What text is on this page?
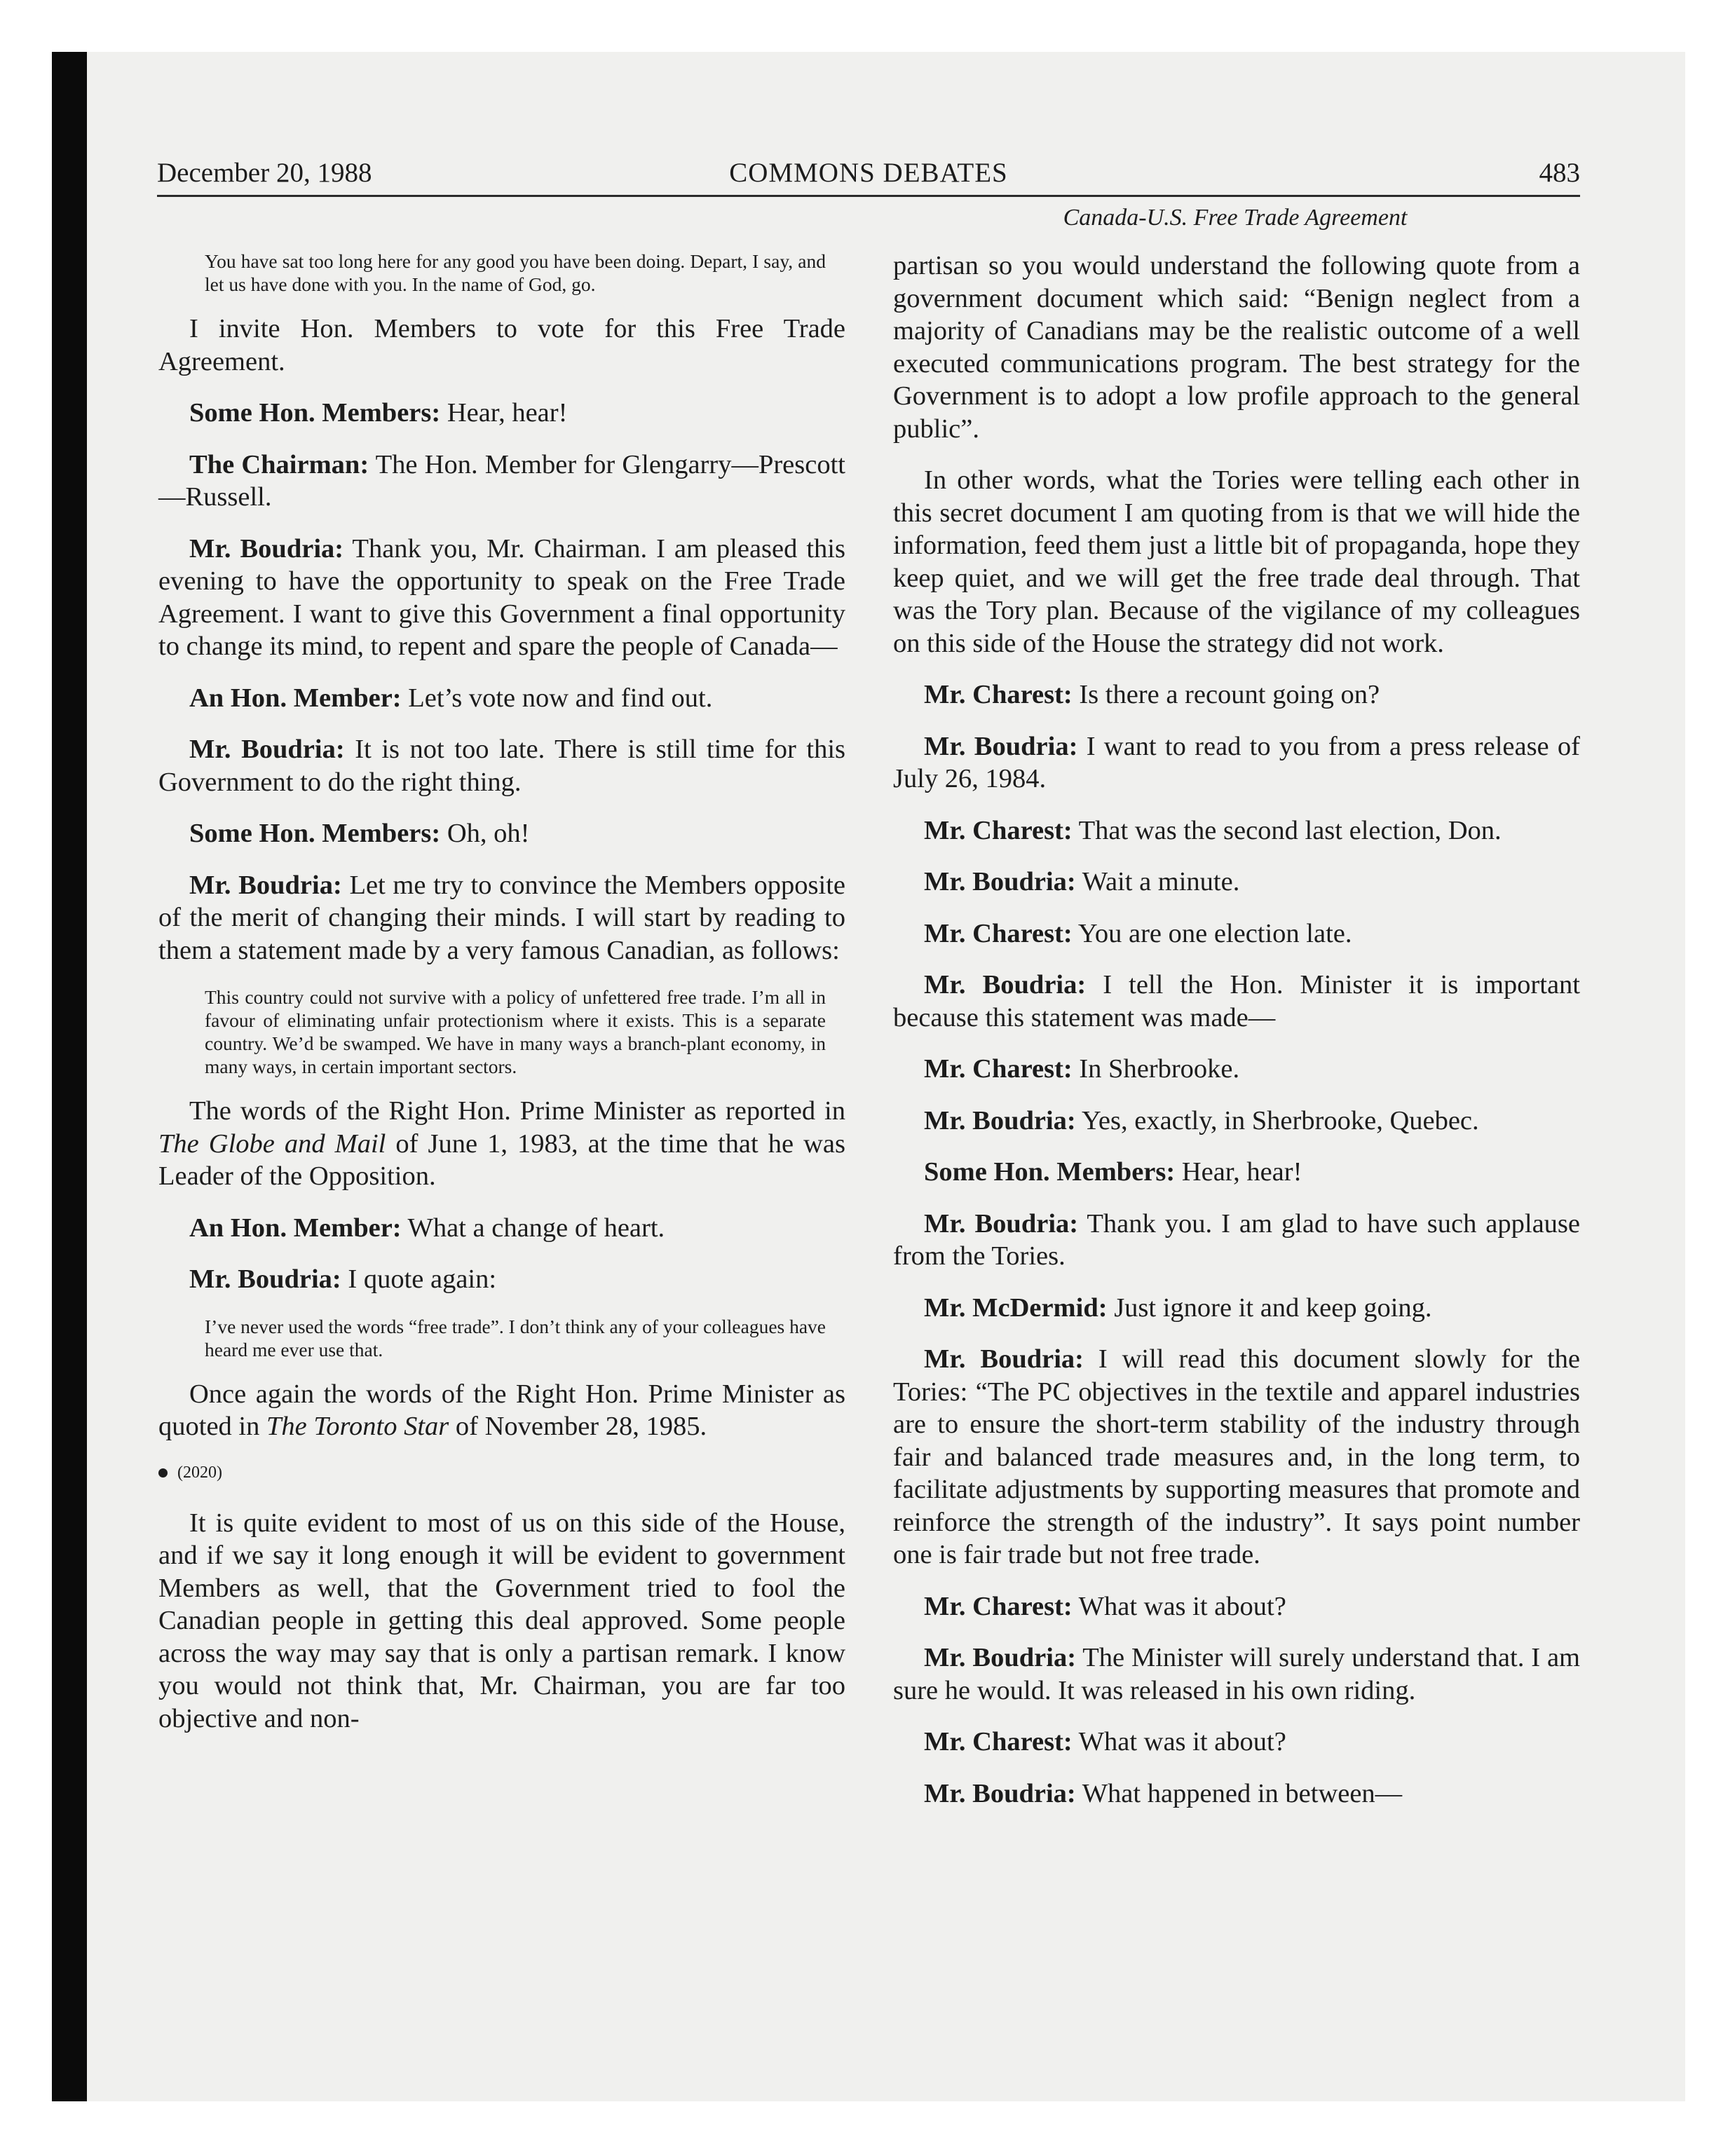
December 20, 1988	COMMONS DEBATES	483
Canada-U.S. Free Trade Agreement

You have sat too long here for any good you have been doing. Depart, I say, and let us have done with you. In the name of God, go.

I invite Hon. Members to vote for this Free Trade Agreement.

Some Hon. Members: Hear, hear!

The Chairman: The Hon. Member for Glengarry—Prescott—Russell.

Mr. Boudria: Thank you, Mr. Chairman. I am pleased this evening to have the opportunity to speak on the Free Trade Agreement. I want to give this Government a final opportunity to change its mind, to repent and spare the people of Canada—

An Hon. Member: Let’s vote now and find out.

Mr. Boudria: It is not too late. There is still time for this Government to do the right thing.

Some Hon. Members: Oh, oh!

Mr. Boudria: Let me try to convince the Members opposite of the merit of changing their minds. I will start by reading to them a statement made by a very famous Canadian, as follows:

This country could not survive with a policy of unfettered free trade. I’m all in favour of eliminating unfair protectionism where it exists. This is a separate country. We’d be swamped. We have in many ways a branch-plant economy, in many ways, in certain important sectors.

The words of the Right Hon. Prime Minister as reported in The Globe and Mail of June 1, 1983, at the time that he was Leader of the Opposition.

An Hon. Member: What a change of heart.

Mr. Boudria: I quote again:

I’ve never used the words “free trade”. I don’t think any of your colleagues have heard me ever use that.

Once again the words of the Right Hon. Prime Minister as quoted in The Toronto Star of November 28, 1985.

(2020)

It is quite evident to most of us on this side of the House, and if we say it long enough it will be evident to government Members as well, that the Government tried to fool the Canadian people in getting this deal approved. Some people across the way may say that is only a partisan remark. I know you would not think that, Mr. Chairman, you are far too objective and non-

partisan so you would understand the following quote from a government document which said: “Benign neglect from a majority of Canadians may be the realistic outcome of a well executed communications program. The best strategy for the Government is to adopt a low profile approach to the general public”.

In other words, what the Tories were telling each other in this secret document I am quoting from is that we will hide the information, feed them just a little bit of propaganda, hope they keep quiet, and we will get the free trade deal through. That was the Tory plan. Because of the vigilance of my colleagues on this side of the House the strategy did not work.

Mr. Charest: Is there a recount going on?

Mr. Boudria: I want to read to you from a press release of July 26, 1984.

Mr. Charest: That was the second last election, Don.

Mr. Boudria: Wait a minute.

Mr. Charest: You are one election late.

Mr. Boudria: I tell the Hon. Minister it is important because this statement was made—

Mr. Charest: In Sherbrooke.

Mr. Boudria: Yes, exactly, in Sherbrooke, Quebec.

Some Hon. Members: Hear, hear!

Mr. Boudria: Thank you. I am glad to have such applause from the Tories.

Mr. McDermid: Just ignore it and keep going.

Mr. Boudria: I will read this document slowly for the Tories: “The PC objectives in the textile and apparel industries are to ensure the short-term stability of the industry through fair and balanced trade measures and, in the long term, to facilitate adjustments by supporting measures that promote and reinforce the strength of the industry”. It says point number one is fair trade but not free trade.

Mr. Charest: What was it about?

Mr. Boudria: The Minister will surely understand that. I am sure he would. It was released in his own riding.

Mr. Charest: What was it about?

Mr. Boudria: What happened in between—
